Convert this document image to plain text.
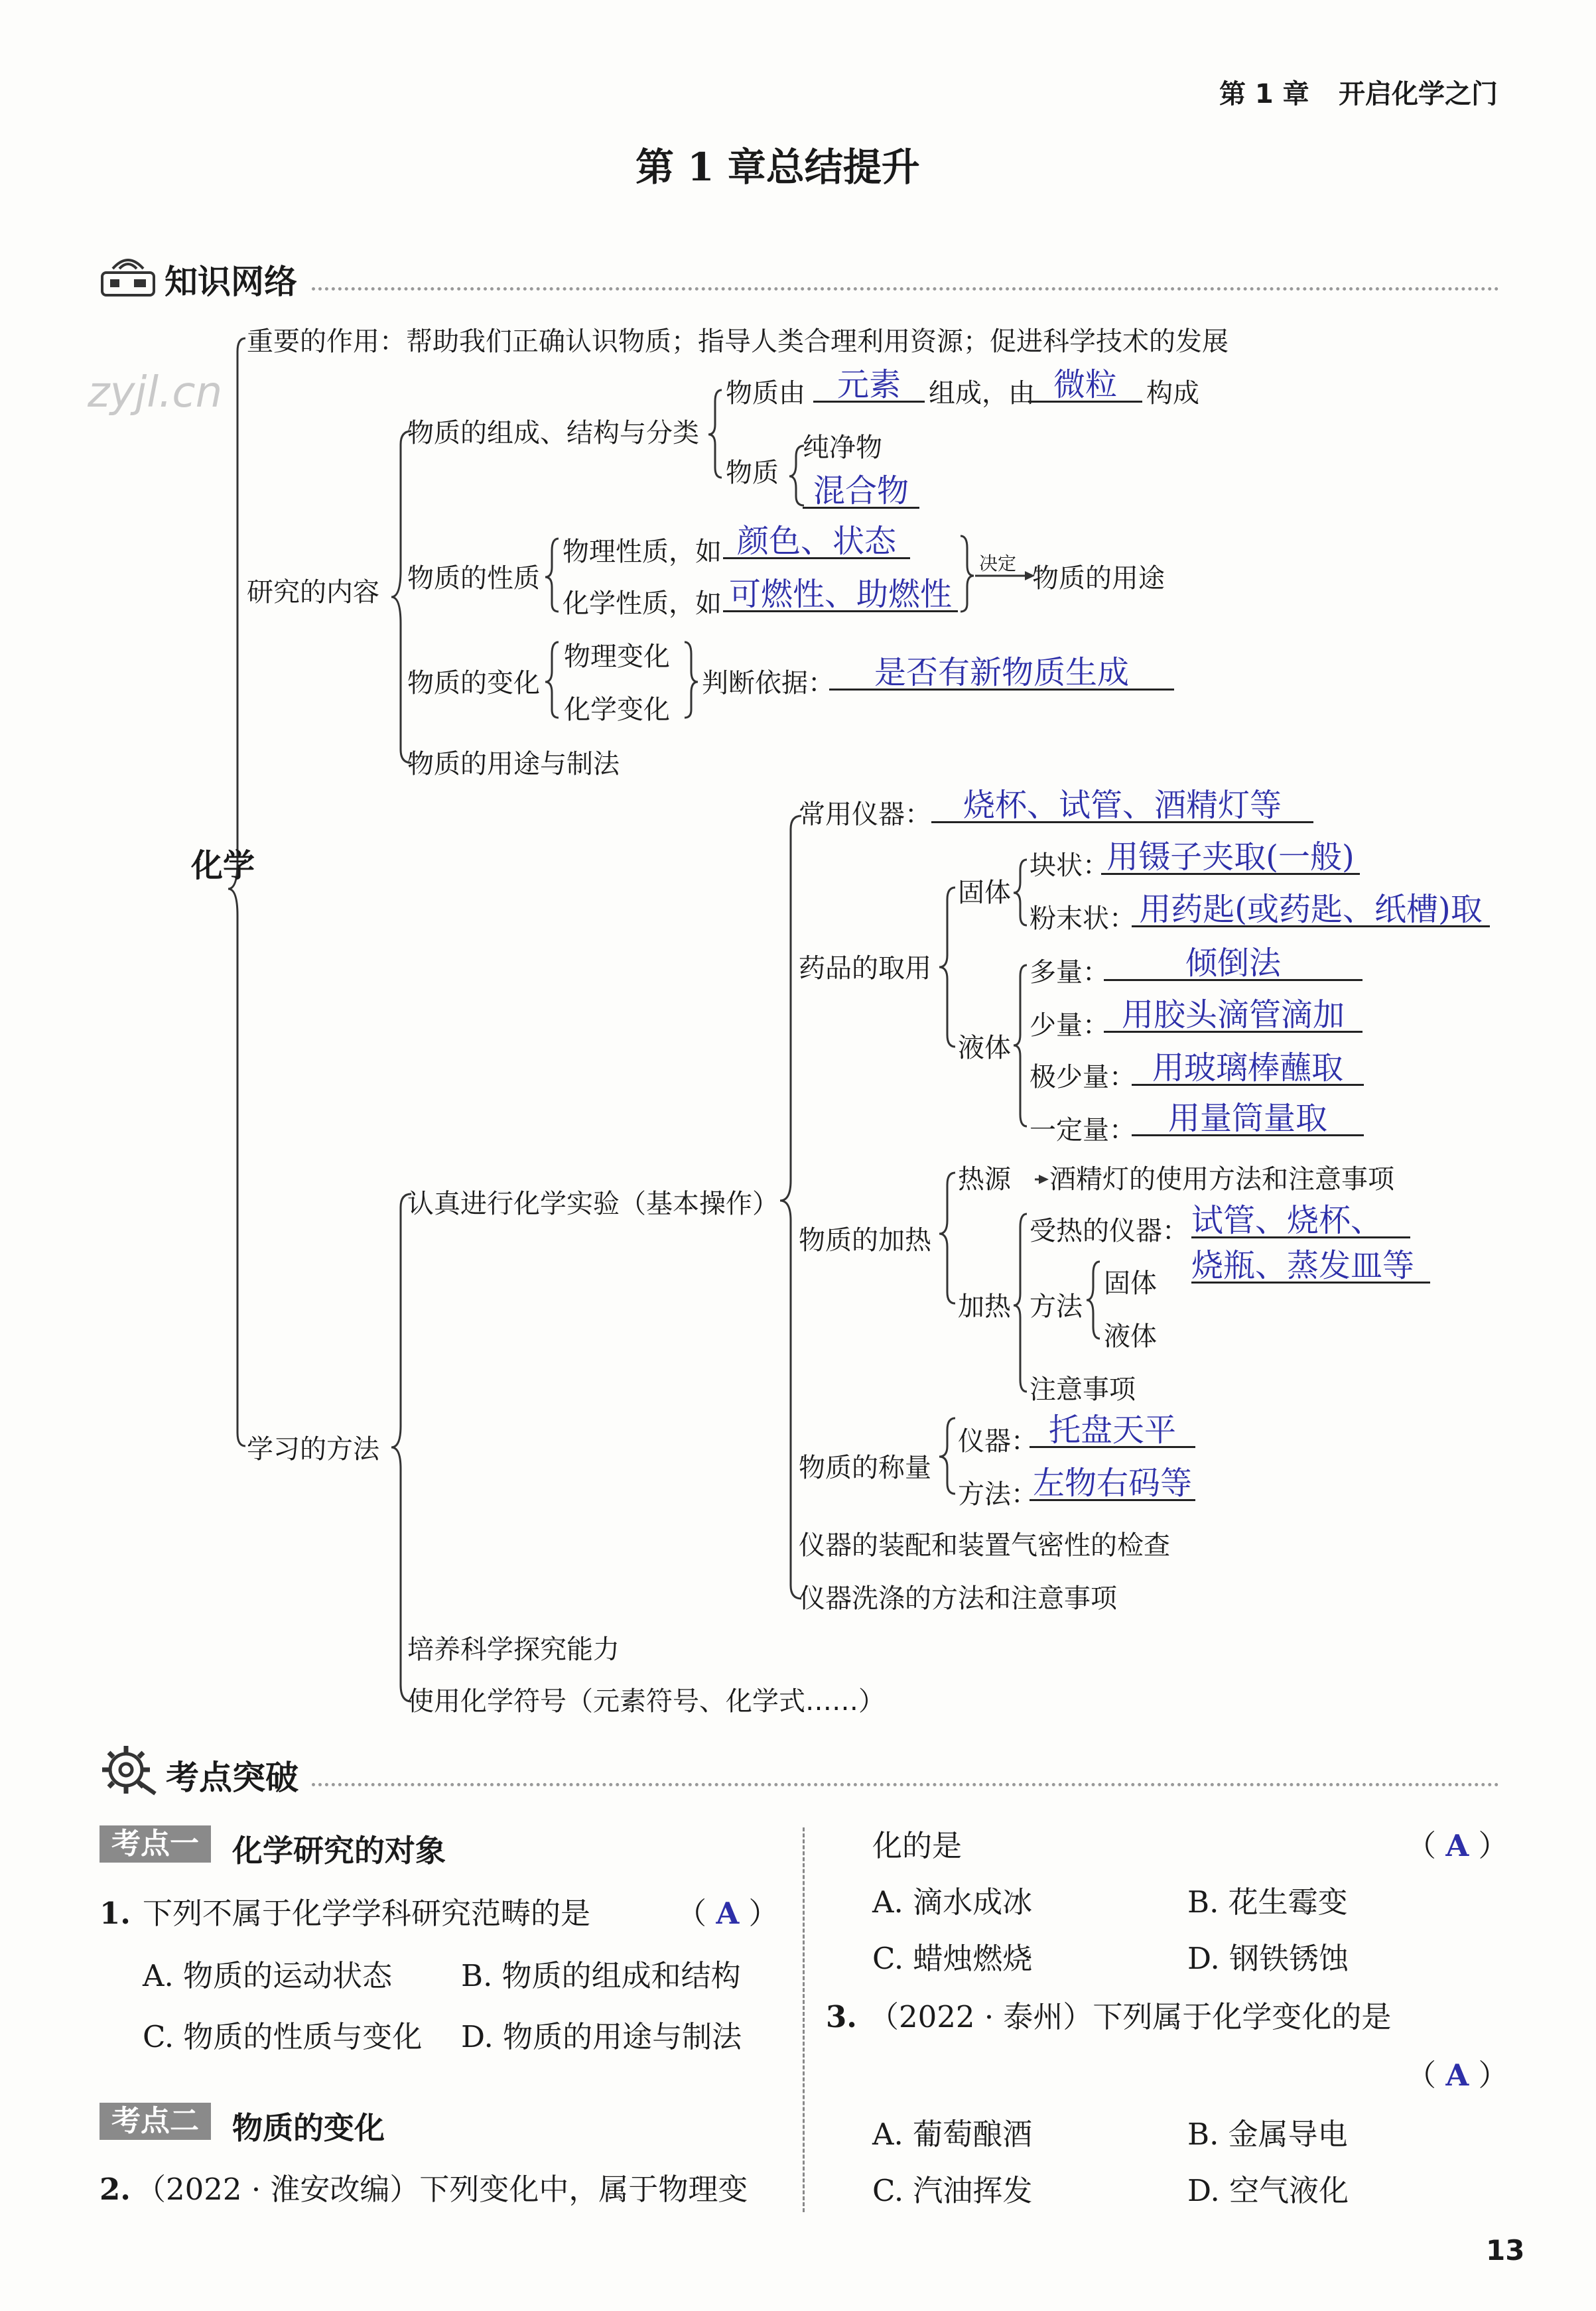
第 1 章 开启化学之门
第 1 章总结提升
知识网络
zyjl.cn
化学
重要的作用：帮助我们正确认识物质；指导人类合理利用资源；促进科学技术的发展
研究的内容
物质的组成、结构与分类
物质由 元素	组成，由 微粒	构成
物质
纯净物
混合物
物质的性质
物理性质，如 颜色、状态
化学性质，如 可燃性、助燃性
决定 物质的用途
物质的变化
物理变化
化学变化
判断依据：	是否有新物质生成
物质的用途与制法
学习的方法
认真进行化学实验（基本操作）
常用仪器： 烧杯、试管、酒精灯等
药品的取用
固体
块状：
用镊子夹取(一般)
粉末状： 用药匙(或药匙、纸槽)取
液体
多量：	倾倒法
少量： 用胶头滴管滴加
极少量： 用玻璃棒蘸取
一定量：	用量筒量取
物质的加热
热源 酒精灯的使用方法和注意事项
加热
受热的仪器： 试管、烧杯、
烧瓶、蒸发皿等
方法
固体
液体
注意事项
物质的称量
仪器： 托盘天平
方法：
左物右码等
仪器的装配和装置气密性的检查
仪器洗涤的方法和注意事项
培养科学探究能力
使用化学符号（元素符号、化学式……）
考点突破
考点一	化学研究的对象
1. 下列不属于化学学科研究范畴的是	（ A ）
A. 物质的运动状态 B. 物质的组成和结构
C. 物质的性质与变化 D. 物质的用途与制法
考点二	物质的变化
2. （2022 · 淮安改编）下列变化中，属于物理变
化的是	（ A ）
A. 滴水成冰	B. 花生霉变
C. 蜡烛燃烧	D. 钢铁锈蚀
3. （2022 · 泰州）下列属于化学变化的是
（ A ）
A. 葡萄酿酒	B. 金属导电
C. 汽油挥发	D. 空气液化
13
